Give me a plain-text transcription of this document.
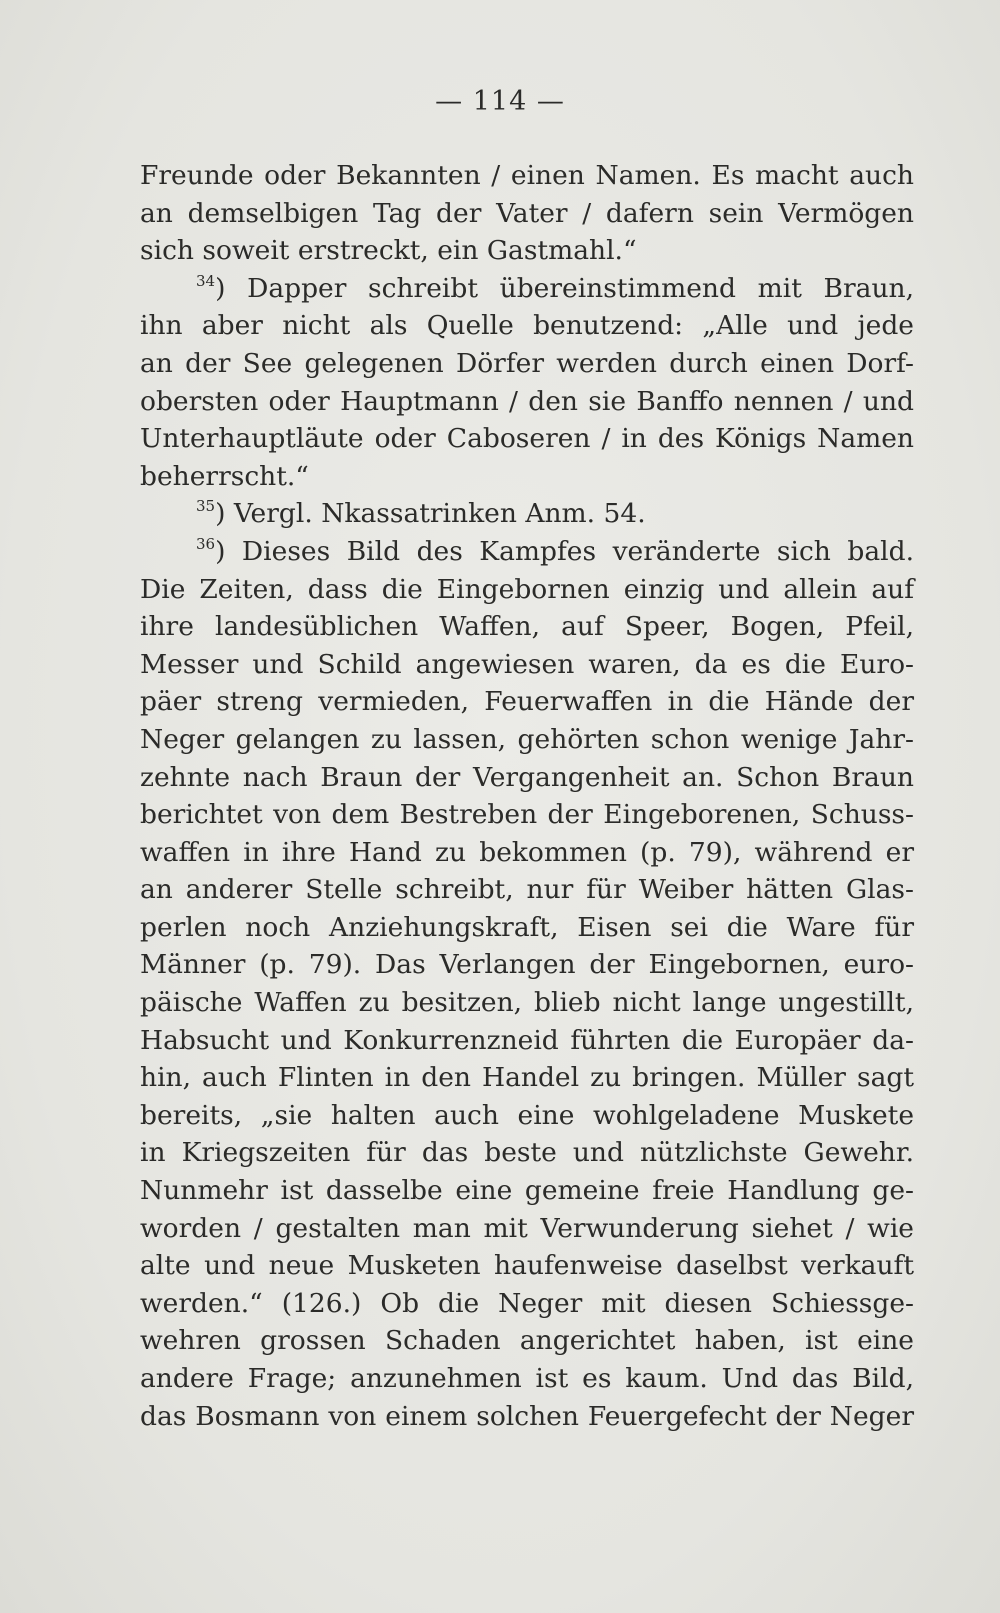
— 114 —
Freunde oder Bekannten / einen Namen. Es macht auch
an demselbigen Tag der Vater / dafern sein Vermögen
sich soweit erstreckt, ein Gastmahl.“
$^{34}$) Dapper schreibt übereinstimmend mit Braun,
ihn aber nicht als Quelle benutzend: „Alle und jede
an der See gelegenen Dörfer werden durch einen Dorf-
obersten oder Hauptmann / den sie Banffo nennen / und
Unterhauptläute oder Caboseren / in des Königs Namen
beherrscht.“
$^{35}$) Vergl. Nkassatrinken Anm. 54.
$^{36}$) Dieses Bild des Kampfes veränderte sich bald.
Die Zeiten, dass die Eingebornen einzig und allein auf
ihre landesüblichen Waffen, auf Speer, Bogen, Pfeil,
Messer und Schild angewiesen waren, da es die Euro-
päer streng vermieden, Feuerwaffen in die Hände der
Neger gelangen zu lassen, gehörten schon wenige Jahr-
zehnte nach Braun der Vergangenheit an. Schon Braun
berichtet von dem Bestreben der Eingeborenen, Schuss-
waffen in ihre Hand zu bekommen (p. 79), während er
an anderer Stelle schreibt, nur für Weiber hätten Glas-
perlen noch Anziehungskraft, Eisen sei die Ware für
Männer (p. 79). Das Verlangen der Eingebornen, euro-
päische Waffen zu besitzen, blieb nicht lange ungestillt,
Habsucht und Konkurrenzneid führten die Europäer da-
hin, auch Flinten in den Handel zu bringen. Müller sagt
bereits, „sie halten auch eine wohlgeladene Muskete
in Kriegszeiten für das beste und nützlichste Gewehr.
Nunmehr ist dasselbe eine gemeine freie Handlung ge-
worden / gestalten man mit Verwunderung siehet / wie
alte und neue Musketen haufenweise daselbst verkauft
werden.“ (126.) Ob die Neger mit diesen Schiessge-
wehren grossen Schaden angerichtet haben, ist eine
andere Frage; anzunehmen ist es kaum. Und das Bild,
das Bosmann von einem solchen Feuergefecht der Neger
